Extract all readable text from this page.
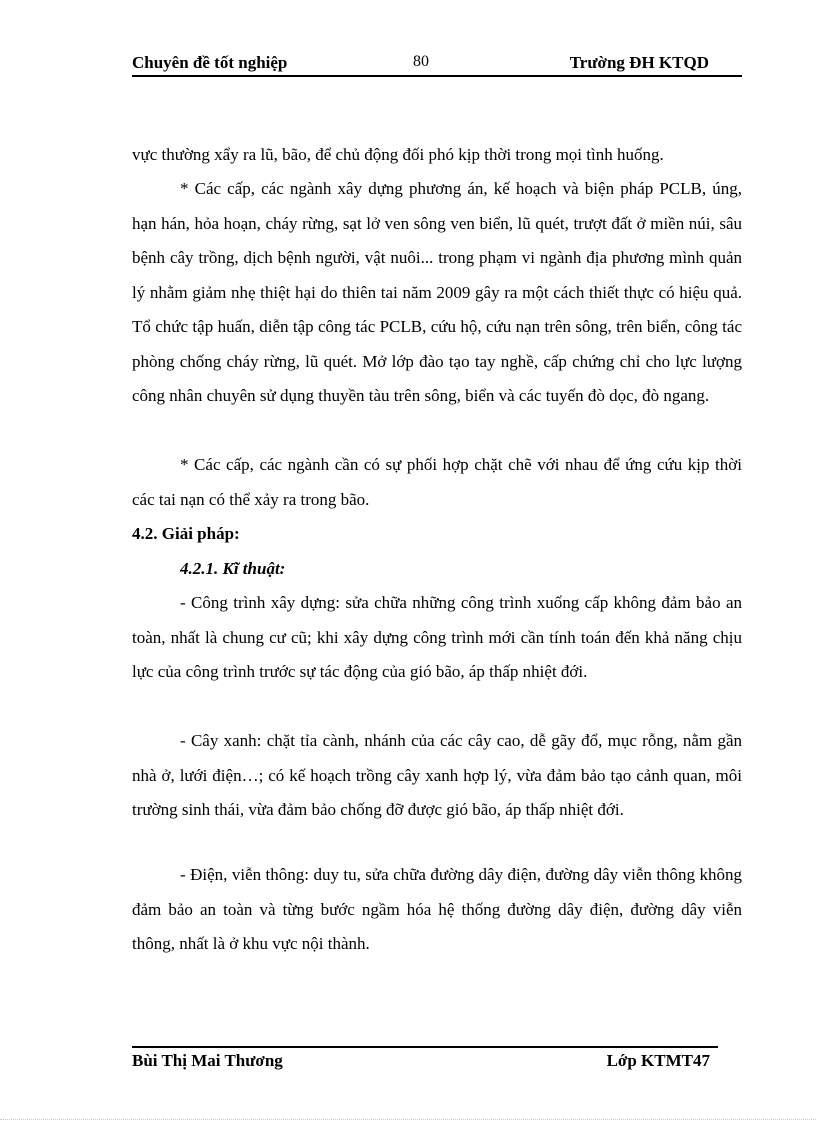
Chuyên đề tốt nghiệp	80	Trường ĐH KTQD
vực thường xẩy ra lũ, bão, để chủ động đối phó kịp thời trong mọi tình huống.
* Các cấp, các ngành xây dựng phương án, kế hoạch và biện pháp PCLB, úng, hạn hán, hỏa hoạn, cháy rừng, sạt lở ven sông ven biển, lũ quét, trượt đất ở miền núi, sâu bệnh cây trồng, dịch bệnh người, vật nuôi... trong phạm vi ngành địa phương mình quản lý nhằm giảm nhẹ thiệt hại do thiên tai năm 2009 gây ra một cách thiết thực có hiệu quả. Tổ chức tập huấn, diễn tập công tác PCLB, cứu hộ, cứu nạn trên sông, trên biển, công tác phòng chống cháy rừng, lũ quét. Mở lớp đào tạo tay nghề, cấp chứng chỉ cho lực lượng công nhân chuyên sử dụng thuyền tàu trên sông, biển và các tuyến đò dọc, đò ngang.
* Các cấp, các ngành cần có sự phối hợp chặt chẽ với nhau để ứng cứu kịp thời các tai nạn có thể xảy ra trong bão.
4.2. Giải pháp:
4.2.1. Kĩ thuật:
- Công trình xây dựng: sửa chữa những công trình xuống cấp không đảm bảo an toàn, nhất là chung cư cũ; khi xây dựng công trình mới cần tính toán đến khả năng chịu lực của công trình trước sự tác động của gió bão, áp thấp nhiệt đới.
- Cây xanh: chặt tỉa cành, nhánh của các cây cao, dễ gãy đổ, mục rỗng, nằm gần nhà ở, lưới điện…; có kế hoạch trồng cây xanh hợp lý, vừa đảm bảo tạo cảnh quan, môi trường sinh thái, vừa đảm bảo chống đỡ được gió bão, áp thấp nhiệt đới.
- Điện, viễn thông: duy tu, sửa chữa đường dây điện, đường dây viễn thông không đảm bảo an toàn và từng bước ngầm hóa hệ thống đường dây điện, đường dây viễn thông, nhất là ở khu vực nội thành.
Bùi Thị Mai Thương	Lớp KTMT47
